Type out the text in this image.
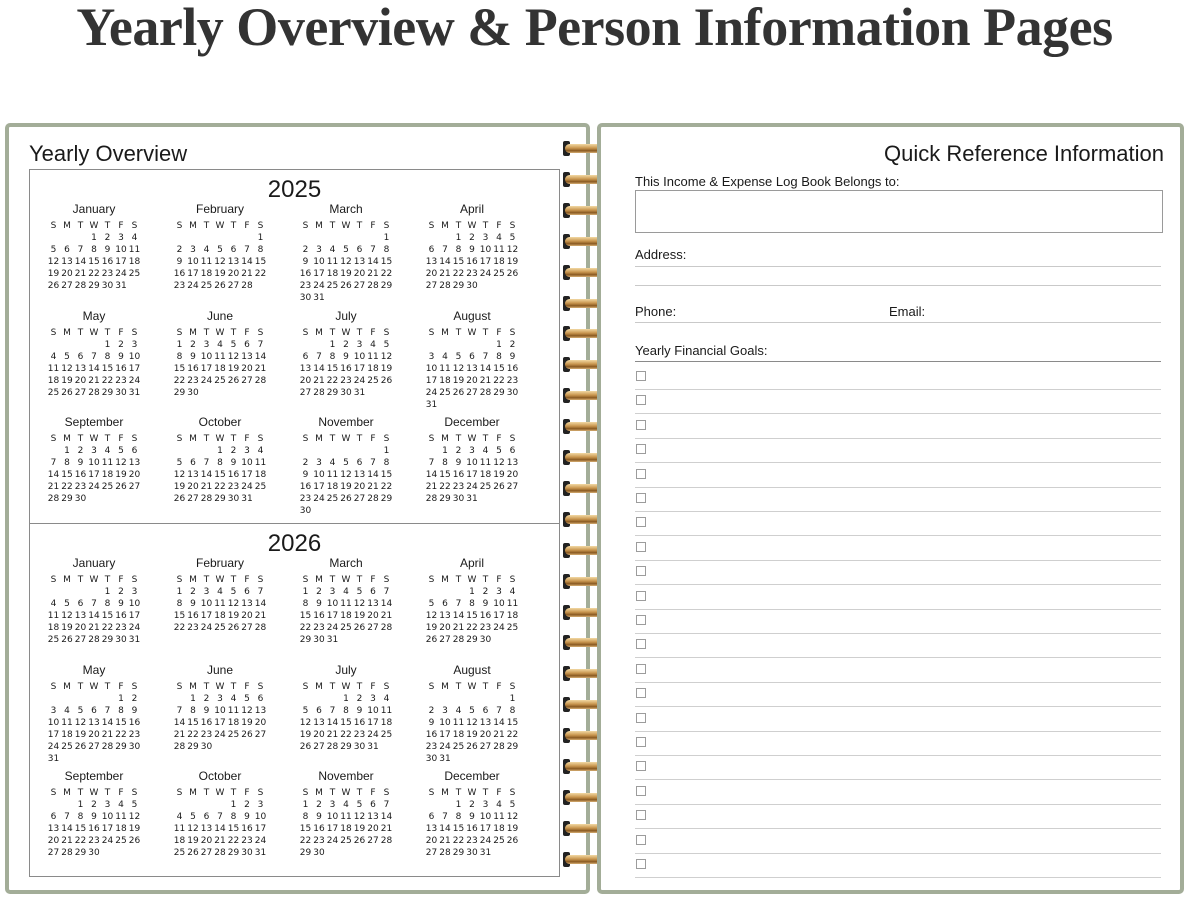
Yearly Overview & Person Information Pages
Yearly Overview
2025
January
S M T W T F S
1 2 3 4
5 6 7 8 9 10 11
12 13 14 15 16 17 18
19 20 21 22 23 24 25
26 27 28 29 30 31
February
S M T W T F S
1
2 3 4 5 6 7 8
9 10 11 12 13 14 15
16 17 18 19 20 21 22
23 24 25 26 27 28
March
S M T W T F S
1
2 3 4 5 6 7 8
9 10 11 12 13 14 15
16 17 18 19 20 21 22
23 24 25 26 27 28 29
30 31
April
S M T W T F S
1 2 3 4 5
6 7 8 9 10 11 12
13 14 15 16 17 18 19
20 21 22 23 24 25 26
27 28 29 30
May
S M T W T F S
1 2 3
4 5 6 7 8 9 10
11 12 13 14 15 16 17
18 19 20 21 22 23 24
25 26 27 28 29 30 31
June
S M T W T F S
1 2 3 4 5 6 7
8 9 10 11 12 13 14
15 16 17 18 19 20 21
22 23 24 25 26 27 28
29 30
July
S M T W T F S
1 2 3 4 5
6 7 8 9 10 11 12
13 14 15 16 17 18 19
20 21 22 23 24 25 26
27 28 29 30 31
August
S M T W T F S
1 2
3 4 5 6 7 8 9
10 11 12 13 14 15 16
17 18 19 20 21 22 23
24 25 26 27 28 29 30
31
September
S M T W T F S
1 2 3 4 5 6
7 8 9 10 11 12 13
14 15 16 17 18 19 20
21 22 23 24 25 26 27
28 29 30
October
S M T W T F S
1 2 3 4
5 6 7 8 9 10 11
12 13 14 15 16 17 18
19 20 21 22 23 24 25
26 27 28 29 30 31
November
S M T W T F S
1
2 3 4 5 6 7 8
9 10 11 12 13 14 15
16 17 18 19 20 21 22
23 24 25 26 27 28 29
30
December
S M T W T F S
1 2 3 4 5 6
7 8 9 10 11 12 13
14 15 16 17 18 19 20
21 22 23 24 25 26 27
28 29 30 31
2026
January
S M T W T F S
1 2 3
4 5 6 7 8 9 10
11 12 13 14 15 16 17
18 19 20 21 22 23 24
25 26 27 28 29 30 31
February
S M T W T F S
1 2 3 4 5 6 7
8 9 10 11 12 13 14
15 16 17 18 19 20 21
22 23 24 25 26 27 28
March
S M T W T F S
1 2 3 4 5 6 7
8 9 10 11 12 13 14
15 16 17 18 19 20 21
22 23 24 25 26 27 28
29 30 31
April
S M T W T F S
1 2 3 4
5 6 7 8 9 10 11
12 13 14 15 16 17 18
19 20 21 22 23 24 25
26 27 28 29 30
May
S M T W T F S
1 2
3 4 5 6 7 8 9
10 11 12 13 14 15 16
17 18 19 20 21 22 23
24 25 26 27 28 29 30
31
June
S M T W T F S
1 2 3 4 5 6
7 8 9 10 11 12 13
14 15 16 17 18 19 20
21 22 23 24 25 26 27
28 29 30
July
S M T W T F S
1 2 3 4
5 6 7 8 9 10 11
12 13 14 15 16 17 18
19 20 21 22 23 24 25
26 27 28 29 30 31
August
S M T W T F S
1
2 3 4 5 6 7 8
9 10 11 12 13 14 15
16 17 18 19 20 21 22
23 24 25 26 27 28 29
30 31
September
S M T W T F S
1 2 3 4 5
6 7 8 9 10 11 12
13 14 15 16 17 18 19
20 21 22 23 24 25 26
27 28 29 30
October
S M T W T F S
1 2 3
4 5 6 7 8 9 10
11 12 13 14 15 16 17
18 19 20 21 22 23 24
25 26 27 28 29 30 31
November
S M T W T F S
1 2 3 4 5 6 7
8 9 10 11 12 13 14
15 16 17 18 19 20 21
22 23 24 25 26 27 28
29 30
December
S M T W T F S
1 2 3 4 5
6 7 8 9 10 11 12
13 14 15 16 17 18 19
20 21 22 23 24 25 26
27 28 29 30 31
Quick Reference Information
This Income & Expense Log Book Belongs to:
Address:
Phone:	Email:
Yearly Financial Goals:
